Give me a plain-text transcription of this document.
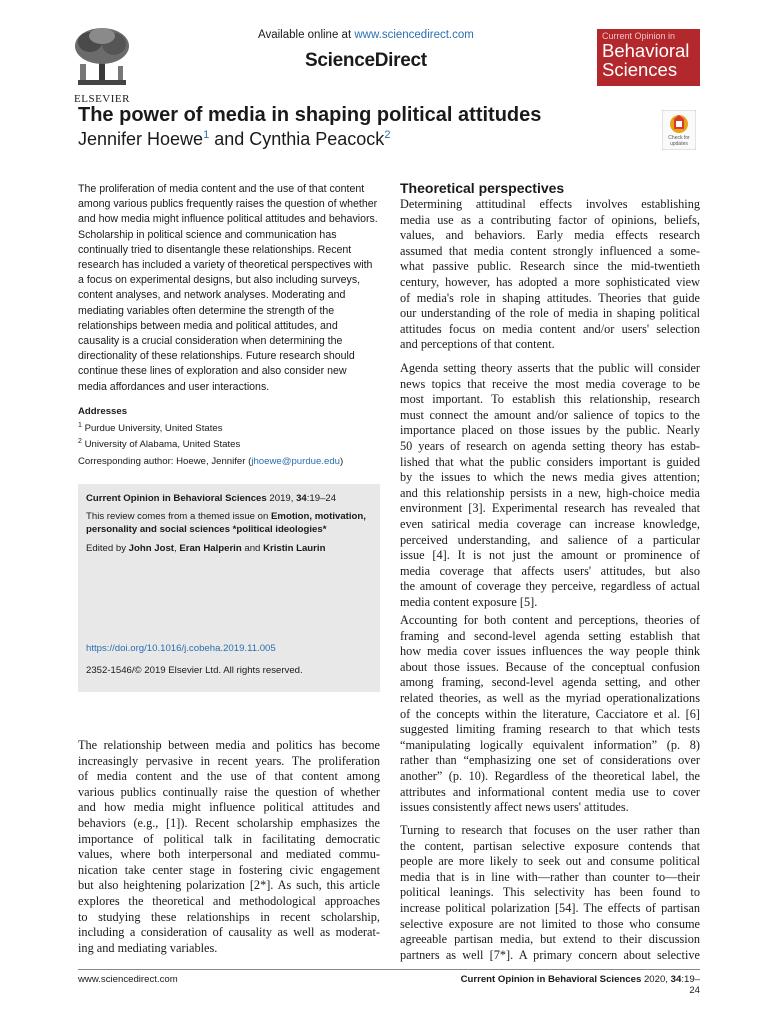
ELSEVIER
Available online at www.sciencedirect.com
ScienceDirect
Current Opinion in
Behavioral
Sciences
The power of media in shaping political attitudes
Jennifer Hoewe$^1$ and Cynthia Peacock$^2$	Check for updates
The proliferation of media content and the use of that content among various publics frequently raises the question of whether and how media might influence political attitudes and behaviors. Scholarship in political science and communication has continually tried to disentangle these relationships. Recent research has included a variety of theoretical perspectives with a focus on experimental designs, but also including surveys, content analyses, and network analyses. Moderating and mediating variables often determine the strength of the relationships between media and political attitudes, and causality is a crucial consideration when determining the directionality of these relationships. Future research should continue these lines of exploration and also consider new media affordances and user interactions.
Addresses
$^1$ Purdue University, United States
$^2$ University of Alabama, United States
Corresponding author: Hoewe, Jennifer (jhoewe@purdue.edu)
Current Opinion in Behavioral Sciences 2019, 34:19–24
This review comes from a themed issue on Emotion, motivation, personality and social sciences *political ideologies*
Edited by John Jost, Eran Halperin and Kristin Laurin
https://doi.org/10.1016/j.cobeha.2019.11.005
2352-1546/© 2019 Elsevier Ltd. All rights reserved.
The relationship between media and politics has become
increasingly pervasive in recent years. The proliferation
of media content and the use of that content among
various publics continually raise the question of whether
and how media might influence political attitudes and
behaviors (e.g., [1]). Recent scholarship emphasizes the
importance of political talk in facilitating democratic
values, where both interpersonal and mediated commu-
nication take center stage in fostering civic engagement
but also heightening polarization [2*]. As such, this article
explores the theoretical and methodological approaches
to studying these relationships in recent scholarship,
including a consideration of causality as well as moderat-
ing and mediating variables.
Theoretical perspectives
Determining attitudinal effects involves establishing
media use as a contributing factor of opinions, beliefs,
values, and behaviors. Early media effects research
assumed that media content strongly influenced a some-
what passive public. Research since the mid-twentieth
century, however, has adopted a more sophisticated view
of media's role in shaping attitudes. Theories that guide
our understanding of the role of media in shaping political
attitudes focus on media content and/or users' selection
and perceptions of that content.
Agenda setting theory asserts that the public will consider
news topics that receive the most media coverage to be
most important. To establish this relationship, research
must connect the amount and/or salience of topics to the
importance placed on those issues by the public. Nearly
50 years of research on agenda setting theory has estab-
lished that what the public considers important is guided
by the issues to which the news media gives attention;
and this relationship persists in a new, high-choice media
environment [3]. Experimental research has revealed that
even satirical media coverage can increase knowledge,
perceived understanding, and salience of a particular
issue [4]. It is not just the amount or prominence of
media coverage that affects users' attitudes, but also
the amount of coverage they perceive, regardless of actual
media content exposure [5].
Accounting for both content and perceptions, theories of
framing and second-level agenda setting establish that
how media cover issues influences the way people think
about those issues. Because of the conceptual confusion
among framing, second-level agenda setting, and other
related theories, as well as the myriad operationalizations
of the concepts within the literature, Cacciatore et al. [6]
suggested limiting framing research to that which tests
“manipulating logically equivalent information” (p. 8)
rather than “emphasizing one set of considerations over
another” (p. 10). Regardless of the theoretical label, the
attributes and informational content media use to cover
issues consistently affect news users' attitudes.
Turning to research that focuses on the user rather than
the content, partisan selective exposure contends that
people are more likely to seek out and consume political
media that is in line with—rather than counter to—their
political leanings. This selectivity has been found to
increase political polarization [54]. The effects of partisan
selective exposure are not limited to those who consume
agreeable partisan media, but extend to their discussion
partners as well [7*]. A primary concern about selective
www.sciencedirect.com	Current Opinion in Behavioral Sciences 2020, 34:19–24
